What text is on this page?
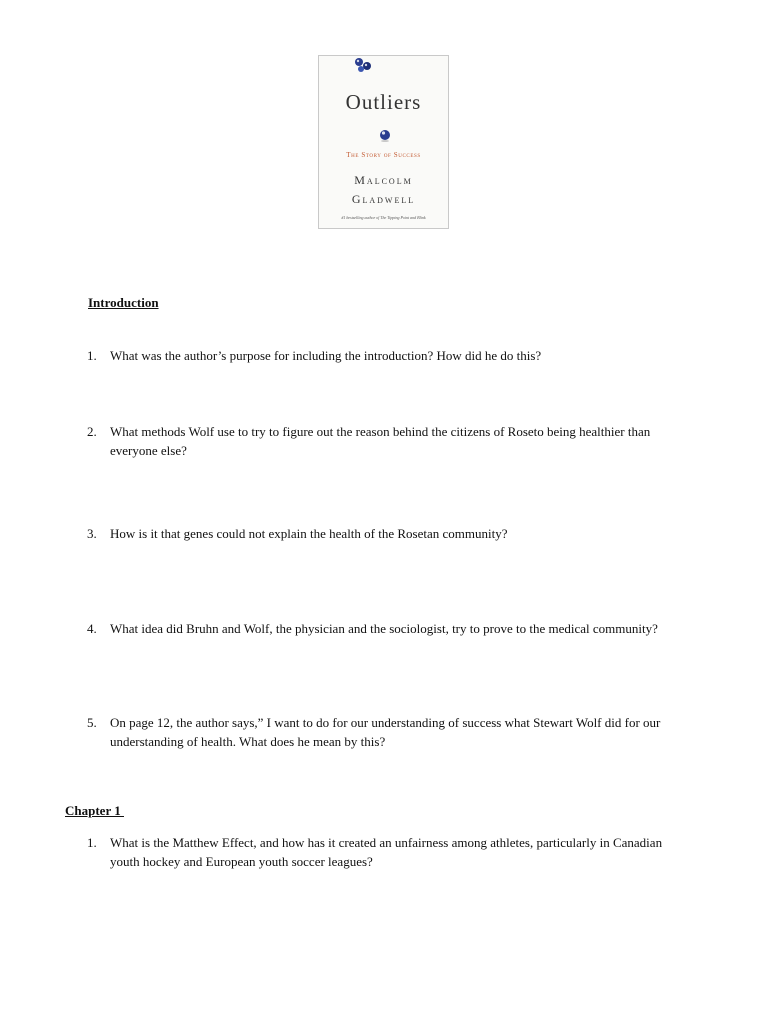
Outliers
The Story of Success
Malcolm
Gladwell
#1 bestselling author of The Tipping Point and Blink
Introduction
1. What was the author’s purpose for including the introduction? How did he do this?
2. What methods Wolf use to try to figure out the reason behind the citizens of Roseto being healthier than
everyone else?
3. How is it that genes could not explain the health of the Rosetan community?
4. What idea did Bruhn and Wolf, the physician and the sociologist, try to prove to the medical community?
5. On page 12, the author says,” I want to do for our understanding of success what Stewart Wolf did for our
understanding of health. What does he mean by this?
Chapter 1
1. What is the Matthew Effect, and how has it created an unfairness among athletes, particularly in Canadian
youth hockey and European youth soccer leagues?
